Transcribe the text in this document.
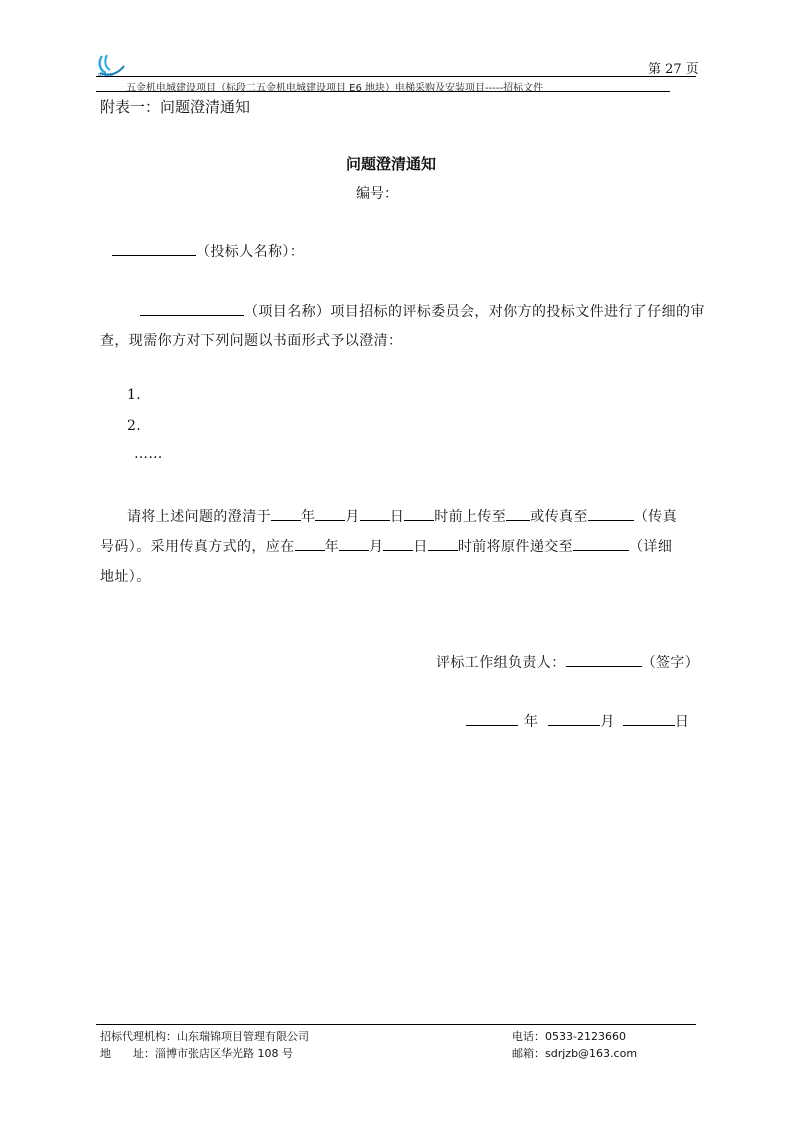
RUIJIN
五金机电城建设项目（标段二五金机电城建设项目 E6 地块）电梯采购及安装项目-----招标文件
第 27 页
附表一：问题澄清通知
问题澄清通知
编号：
（投标人名称）：
（项目名称）项目招标的评标委员会，对你方的投标文件进行了仔细的审
查，现需你方对下列问题以书面形式予以澄清：
1.
2.
……
请将上述问题的澄清于 年 月 日 时前上传至 或传真至	（传真
号码）。采用传真方式的，应在 年 月 日 时前将原件递交至	（详细
地址）。
评标工作组负责人：	（签字）
年	月	日
招标代理机构：山东瑞锦项目管理有限公司	电话：0533-2123660
地　　址：淄博市张店区华光路 108 号	邮箱：sdrjzb@163.com
